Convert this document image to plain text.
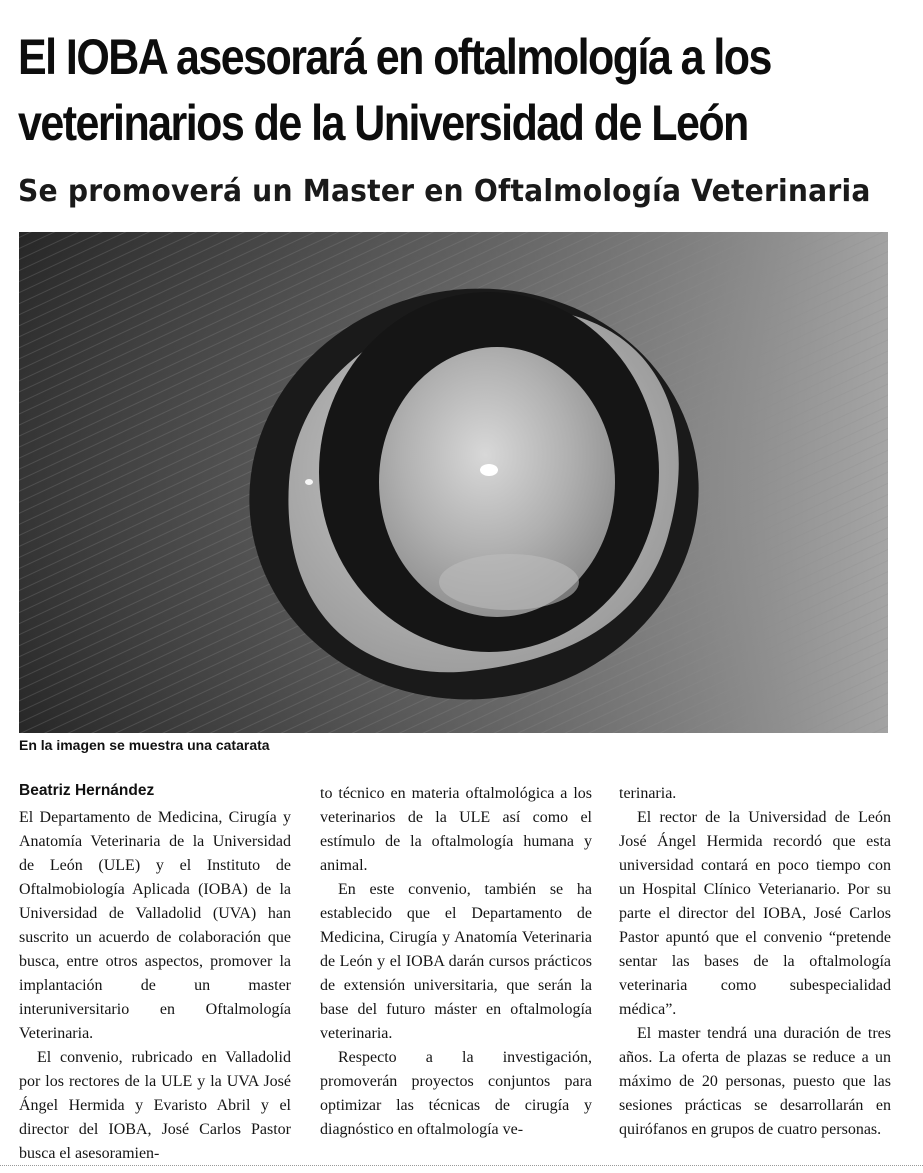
El IOBA asesorará en oftalmología a los
veterinarios de la Universidad de León
Se promoverá un Master en Oftalmología Veterinaria
En la imagen se muestra una catarata
Beatriz Hernández

El Departamento de Medicina, Cirugía y Anatomía Veterinaria de la Universidad de León (ULE) y el Instituto de Oftalmobiología Aplicada (IOBA) de la Universidad de Valladolid (UVA) han suscrito un acuerdo de colaboración que busca, entre otros aspectos, promover la implantación de un master interuniversitario en Oftalmología Veterinaria.

El convenio, rubricado en Valladolid por los rectores de la ULE y la UVA José Ángel Hermida y Evaristo Abril y el director del IOBA, José Carlos Pastor busca el asesoramien-

to técnico en materia oftalmológica a los veterinarios de la ULE así como el estímulo de la oftalmología humana y animal.

En este convenio, también se ha establecido que el Departamento de Medicina, Cirugía y Anatomía Veterinaria de León y el IOBA darán cursos prácticos de extensión universitaria, que serán la base del futuro máster en oftalmología veterinaria.

Respecto a la investigación, promoverán proyectos conjuntos para optimizar las técnicas de cirugía y diagnóstico en oftalmología ve-

terinaria.

El rector de la Universidad de León José Ángel Hermida recordó que esta universidad contará en poco tiempo con un Hospital Clínico Veterianario. Por su parte el director del IOBA, José Carlos Pastor apuntó que el convenio “pretende sentar las bases de la oftalmología veterinaria como subespecialidad médica”.

El master tendrá una duración de tres años. La oferta de plazas se reduce a un máximo de 20 personas, puesto que las sesiones prácticas se desarrollarán en quirófanos en grupos de cuatro personas.
